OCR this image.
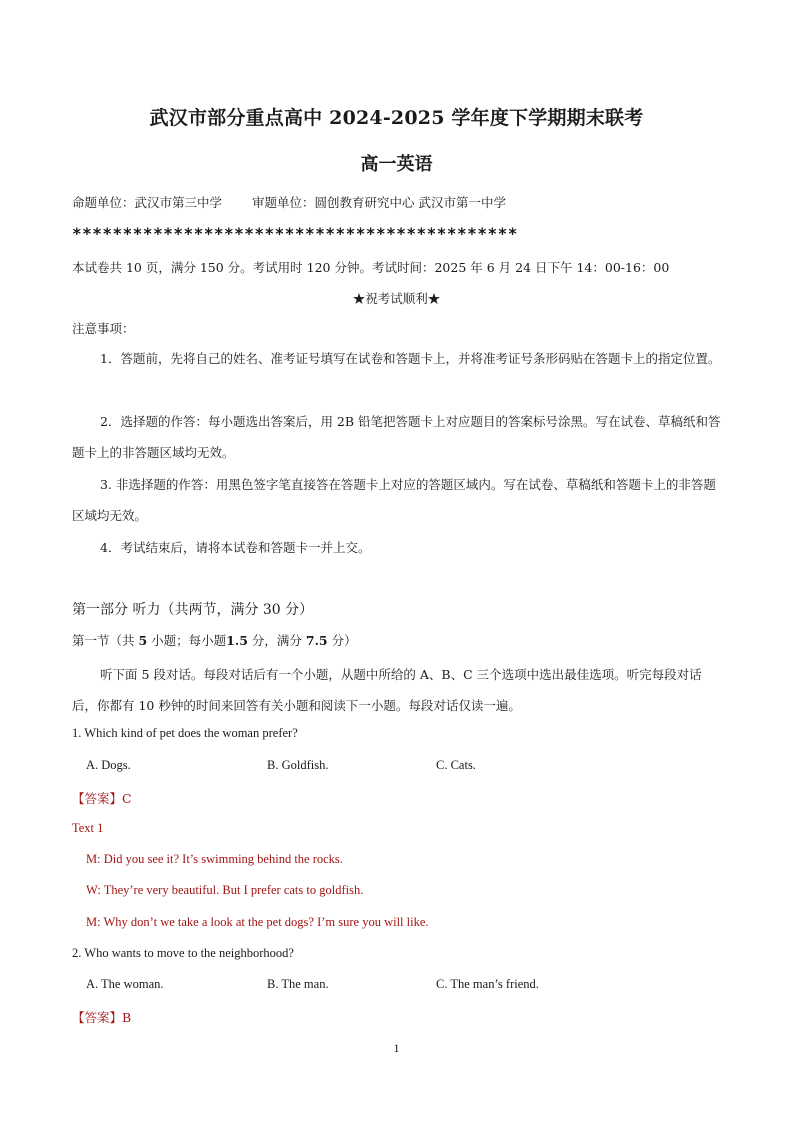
武汉市部分重点高中 2024-2025 学年度下学期期末联考
高一英语
命题单位：武汉市第三中学 审题单位：圆创教育研究中心 武汉市第一中学
********************************************
本试卷共 10 页，满分 150 分。考试用时 120 分钟。考试时间：2025 年 6 月 24 日下午 14：00-16：00
★祝考试顺利★
注意事项：
1．答题前，先将自己的姓名、准考证号填写在试卷和答题卡上，并将准考证号条形码贴在答题卡上的指定位置。
2．选择题的作答：每小题选出答案后，用 2B 铅笔把答题卡上对应题目的答案标号涂黑。写在试卷、草稿纸和答题卡上的非答题区域均无效。
3. 非选择题的作答：用黑色签字笔直接答在答题卡上对应的答题区域内。写在试卷、草稿纸和答题卡上的非答题区域均无效。
4．考试结束后，请将本试卷和答题卡一并上交。
第一部分 听力（共两节，满分 30 分）
第一节（共 5 小题；每小题1.5 分，满分 7.5 分）
听下面 5 段对话。每段对话后有一个小题，从题中所给的 A、B、C 三个选项中选出最佳选项。听完每段对话后，你都有 10 秒钟的时间来回答有关小题和阅读下一小题。每段对话仅读一遍。
1. Which kind of pet does the woman prefer?
A. Dogs.	B. Goldfish.	C. Cats.
【答案】C
Text 1
M: Did you see it? It’s swimming behind the rocks.
W: They’re very beautiful. But I prefer cats to goldfish.
M: Why don’t we take a look at the pet dogs? I’m sure you will like.
2. Who wants to move to the neighborhood?
A. The woman.	B. The man.	C. The man’s friend.
【答案】B
1
